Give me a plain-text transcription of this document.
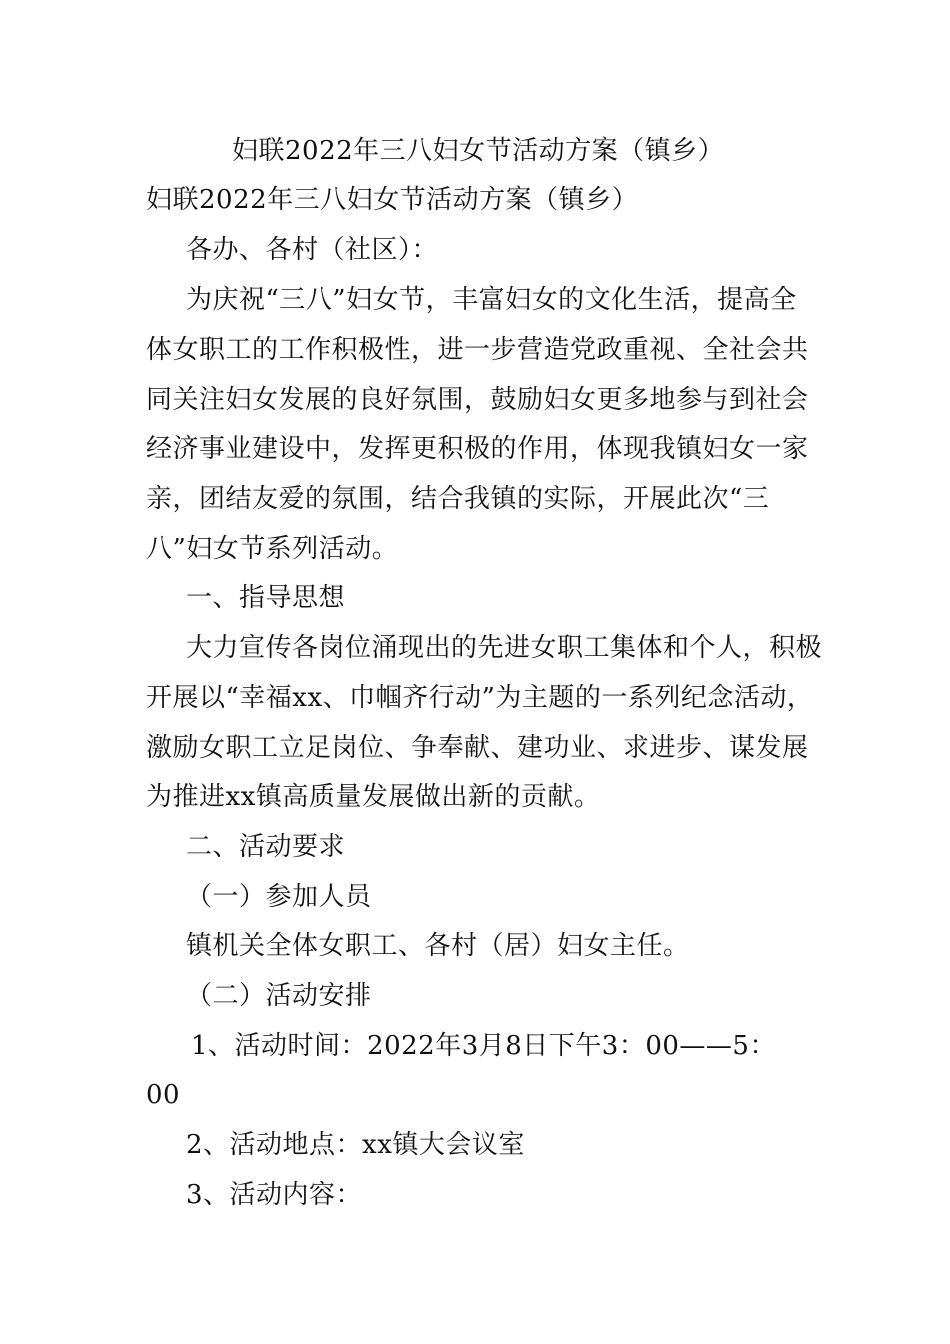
妇联2022年三八妇女节活动方案（镇乡）
妇联2022年三八妇女节活动方案（镇乡）
各办、各村（社区）：
为庆祝“三八”妇女节，丰富妇女的文化生活，提高全
体女职工的工作积极性，进一步营造党政重视、全社会共
同关注妇女发展的良好氛围，鼓励妇女更多地参与到社会
经济事业建设中，发挥更积极的作用，体现我镇妇女一家
亲，团结友爱的氛围，结合我镇的实际，开展此次“三
八”妇女节系列活动。
一、指导思想
大力宣传各岗位涌现出的先进女职工集体和个人，积极
开展以“幸福xx、巾帼齐行动”为主题的一系列纪念活动，
激励女职工立足岗位、争奉献、建功业、求进步、谋发展
为推进xx镇高质量发展做出新的贡献。
二、活动要求
（一）参加人员
镇机关全体女职工、各村（居）妇女主任。
（二）活动安排
1、活动时间：2022年3月8日下午3：00——5：
00
2、活动地点：xx镇大会议室
3、活动内容：
